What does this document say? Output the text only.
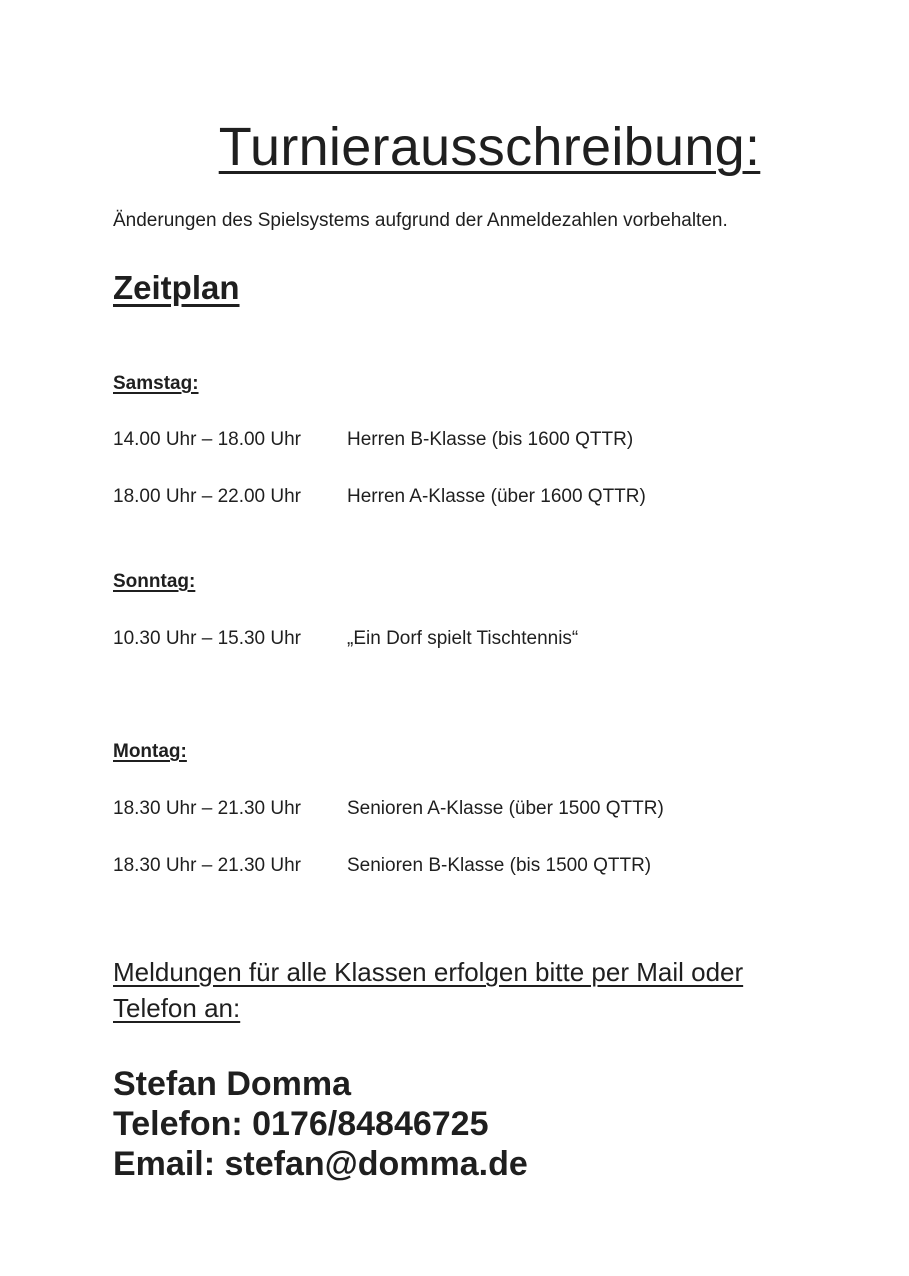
Turnierausschreibung:

Änderungen des Spielsystems aufgrund der Anmeldezahlen vorbehalten.

Zeitplan

Samstag:

14.00 Uhr – 18.00 Uhr Herren B-Klasse (bis 1600 QTTR)

18.00 Uhr – 22.00 Uhr Herren A-Klasse (über 1600 QTTR)

Sonntag:

10.30 Uhr – 15.30 Uhr „Ein Dorf spielt Tischtennis“

Montag:

18.30 Uhr – 21.30 Uhr Senioren A-Klasse (über 1500 QTTR)

18.30 Uhr – 21.30 Uhr Senioren B-Klasse (bis 1500 QTTR)

Meldungen für alle Klassen erfolgen bitte per Mail oder Telefon an:

Stefan Domma
Telefon: 0176/84846725
Email: stefan@domma.de
